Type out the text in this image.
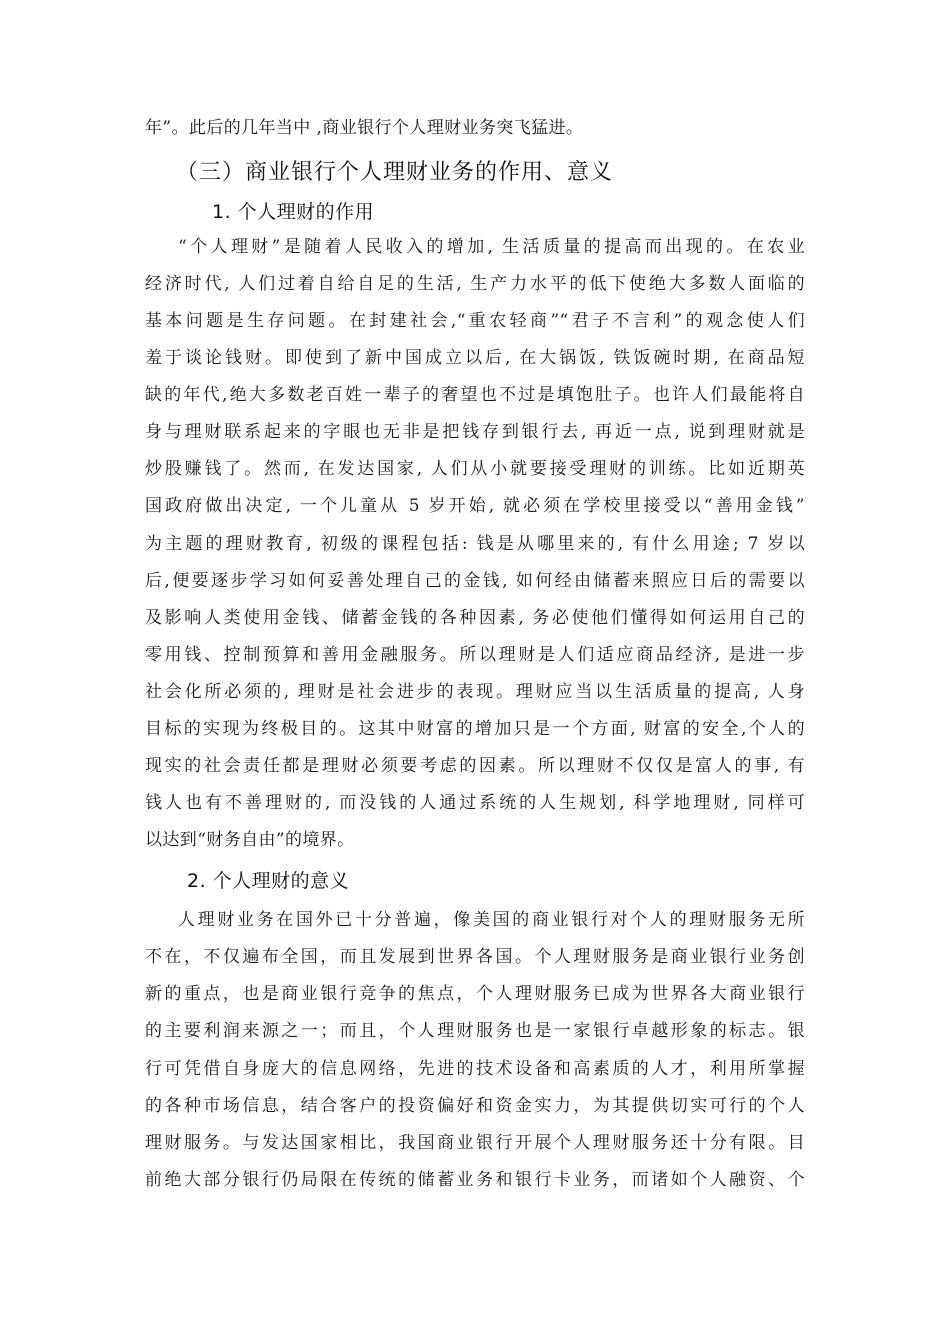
年”。此后的几年当中 ,商业银行个人理财业务突飞猛进。
（三）商业银行个人理财业务的作用、意义
1. 个人理财的作用
“个人理财”是随着人民收入的增加, 生活质量的提高而出现的。在农业
经济时代, 人们过着自给自足的生活, 生产力水平的低下使绝大多数人面临的
基本问题是生存问题。在封建社会,“重农轻商”“君子不言利”的观念使人们
羞于谈论钱财。即使到了新中国成立以后, 在大锅饭, 铁饭碗时期, 在商品短
缺的年代,绝大多数老百姓一辈子的奢望也不过是填饱肚子。也许人们最能将自
身与理财联系起来的字眼也无非是把钱存到银行去, 再近一点, 说到理财就是
炒股赚钱了。然而, 在发达国家, 人们从小就要接受理财的训练。比如近期英
国政府做出决定, 一个儿童从 5 岁开始, 就必须在学校里接受以“善用金钱”
为主题的理财教育, 初级的课程包括: 钱是从哪里来的, 有什么用途; 7 岁以
后,便要逐步学习如何妥善处理自己的金钱, 如何经由储蓄来照应日后的需要以
及影响人类使用金钱、储蓄金钱的各种因素, 务必使他们懂得如何运用自己的
零用钱、控制预算和善用金融服务。所以理财是人们适应商品经济, 是进一步
社会化所必须的, 理财是社会进步的表现。理财应当以生活质量的提高, 人身
目标的实现为终极目的。这其中财富的增加只是一个方面, 财富的安全,个人的
现实的社会责任都是理财必须要考虑的因素。所以理财不仅仅是富人的事, 有
钱人也有不善理财的, 而没钱的人通过系统的人生规划, 科学地理财, 同样可
以达到“财务自由”的境界。
2. 个人理财的意义
人理财业务在国外已十分普遍，像美国的商业银行对个人的理财服务无所
不在，不仅遍布全国，而且发展到世界各国。个人理财服务是商业银行业务创
新的重点，也是商业银行竞争的焦点，个人理财服务已成为世界各大商业银行
的主要利润来源之一；而且，个人理财服务也是一家银行卓越形象的标志。银
行可凭借自身庞大的信息网络，先进的技术设备和高素质的人才，利用所掌握
的各种市场信息，结合客户的投资偏好和资金实力，为其提供切实可行的个人
理财服务。与发达国家相比，我国商业银行开展个人理财服务还十分有限。目
前绝大部分银行仍局限在传统的储蓄业务和银行卡业务，而诸如个人融资、个
